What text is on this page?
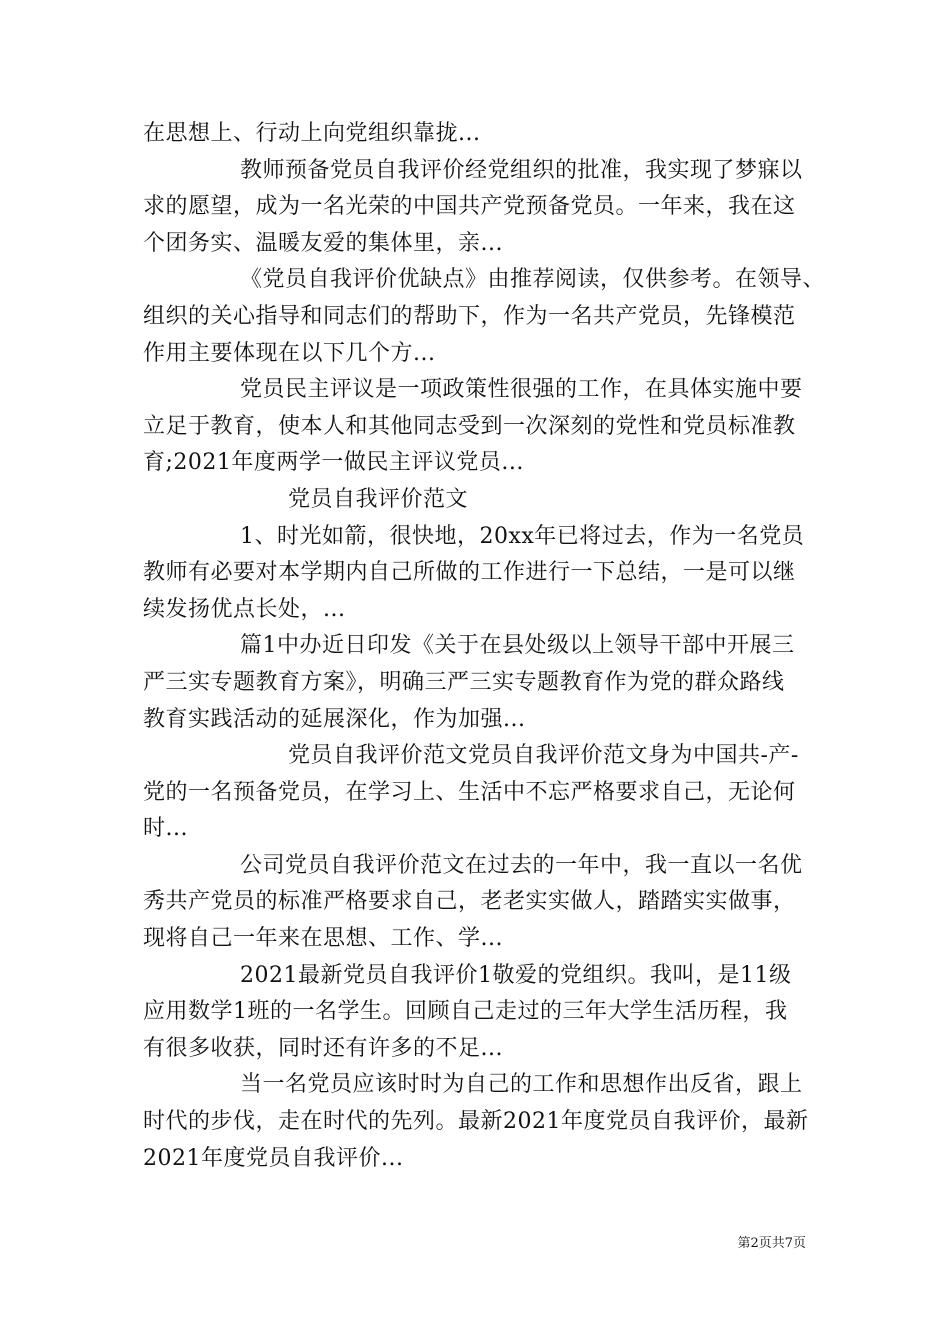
在思想上、行动上向党组织靠拢...
教师预备党员自我评价经党组织的批准，我实现了梦寐以
求的愿望，成为一名光荣的中国共产党预备党员。一年来，我在这
个团务实、温暖友爱的集体里，亲...
《党员自我评价优缺点》由推荐阅读，仅供参考。在领导、
组织的关心指导和同志们的帮助下，作为一名共产党员，先锋模范
作用主要体现在以下几个方...
党员民主评议是一项政策性很强的工作，在具体实施中要
立足于教育，使本人和其他同志受到一次深刻的党性和党员标准教
育;2021年度两学一做民主评议党员...
党员自我评价范文
1、时光如箭，很快地，20xx年已将过去，作为一名党员
教师有必要对本学期内自己所做的工作进行一下总结，一是可以继
续发扬优点长处，...
篇1中办近日印发《关于在县处级以上领导干部中开展三
严三实专题教育方案》，明确三严三实专题教育作为党的群众路线
教育实践活动的延展深化，作为加强...
党员自我评价范文党员自我评价范文身为中国共-产-
党的一名预备党员，在学习上、生活中不忘严格要求自己，无论何
时...
公司党员自我评价范文在过去的一年中，我一直以一名优
秀共产党员的标准严格要求自己，老老实实做人，踏踏实实做事，
现将自己一年来在思想、工作、学...
2021最新党员自我评价1敬爱的党组织。我叫，是11级
应用数学1班的一名学生。回顾自己走过的三年大学生活历程，我
有很多收获，同时还有许多的不足...
当一名党员应该时时为自己的工作和思想作出反省，跟上
时代的步伐，走在时代的先列。最新2021年度党员自我评价，最新
2021年度党员自我评价...
第2页共7页
